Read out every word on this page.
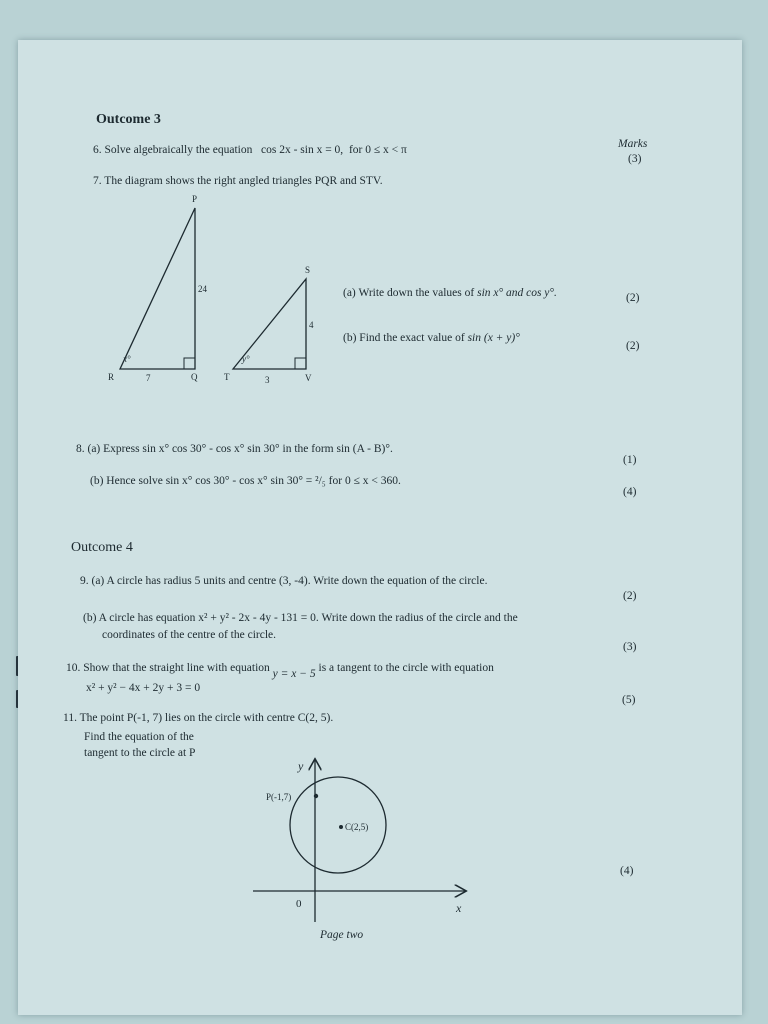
Outcome 3
Marks
6. Solve algebraically the equation cos 2x - sin x = 0, for 0 ≤ x < π
(3)
7. The diagram shows the right angled triangles PQR and STV.
P
R	Q
24
7
x°
S
T	V
4
3
y°
(a) Write down the values of sin x° and cos y°.	(2)
(b) Find the exact value of sin (x + y)°
(2)
8. (a) Express sin x° cos 30° - cos x° sin 30° in the form sin (A - B)°.
(1)
(b) Hence solve sin x° cos 30° - cos x° sin 30° = ²/₅ for 0 ≤ x < 360.
(4)
Outcome 4
9. (a) A circle has radius 5 units and centre (3, -4). Write down the equation of the circle.
(2)
(b) A circle has equation x² + y² - 2x - 4y - 131 = 0. Write down the radius of the circle and the
coordinates of the centre of the circle.
(3)
10. Show that the straight line with equation y = x − 5 is a tangent to the circle with equation
x² + y² − 4x + 2y + 3 = 0
(5)
11. The point P(-1, 7) lies on the circle with centre C(2, 5).
Find the equation of the
tangent to the circle at P
(4)
y
x
0
P(-1,7)
C(2,5)
Page two
